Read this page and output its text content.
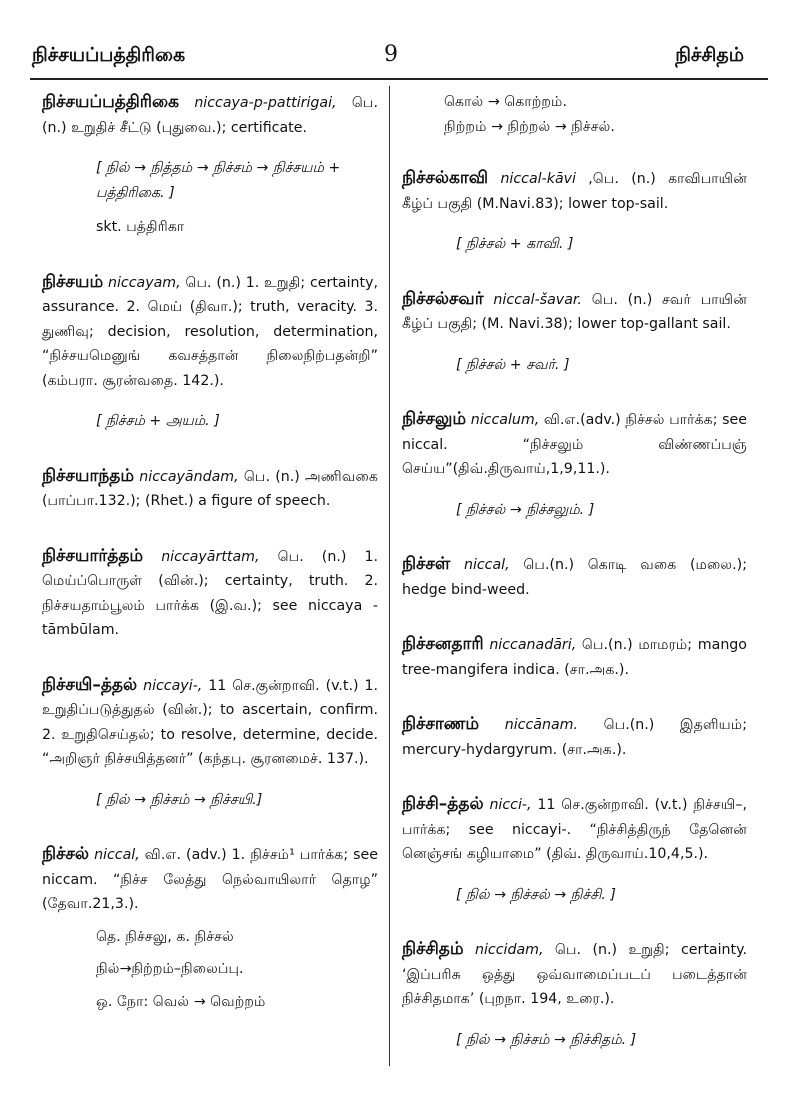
நிச்சயப்பத்திரிகை	9	நிச்சிதம்

நிச்சயப்பத்திரிகை niccaya-p-pattirigai, பெ. (n.) உறுதிச் சீட்டு (புதுவை.); certificate.

[ நில் → நித்தம் → நிச்சம் → நிச்சயம் + பத்திரிகை. ]

skt. பத்திரிகா

நிச்சயம் niccayam, பெ. (n.) 1. உறுதி; certainty, assurance. 2. மெய் (திவா.); truth, veracity. 3. துணிவு; decision, resolution, determination, “நிச்சயமெனுங் கவசத்தான் நிலைநிற்பதன்றி” (கம்பரா. சூரன்வதை. 142.).

[ நிச்சம் + அயம். ]

நிச்சயாந்தம் niccayāndam, பெ. (n.) அணிவகை (பாப்பா.132.); (Rhet.) a figure of speech.

நிச்சயார்த்தம் niccayārttam, பெ. (n.) 1. மெய்ப்பொருள் (வின்.); certainty, truth. 2. நிச்சயதாம்பூலம் பார்க்க (இ.வ.); see niccaya - tāmbūlam.

நிச்சயி–த்தல் niccayi-, 11 செ.குன்றாவி. (v.t.) 1. உறுதிப்படுத்துதல் (வின்.); to ascertain, confirm. 2. உறுதிசெய்தல்; to resolve, determine, decide. “அறிஞர் நிச்சயித்தனர்” (கந்தபு. சூரனமைச். 137.).

[ நில் → நிச்சம் → நிச்சயி.]

நிச்சல் niccal, வி.எ. (adv.) 1. நிச்சம்¹ பார்க்க; see niccam. “நிச்ச லேத்து நெல்வாயிலார் தொழ” (தேவா.21,3.).

தெ. நிச்சலு, க. நிச்சல்

நில்→நிற்றம்–நிலைப்பு.

ஒ. நோ: வெல் → வெற்றம்

கொல் → கொற்றம்.

நிற்றம் → நிற்றல் → நிச்சல்.

நிச்சல்காவி niccal-kāvi ,பெ. (n.) காவிபாயின் கீழ்ப் பகுதி (M.Navi.83); lower top-sail.

[ நிச்சல் + காவி. ]

நிச்சல்சவர் niccal-šavar. பெ. (n.) சவர் பாயின் கீழ்ப் பகுதி; (M. Navi.38); lower top-gallant sail.

[ நிச்சல் + சவர். ]

நிச்சலும் niccalum, வி.எ.(adv.) நிச்சல் பார்க்க; see niccal. “நிச்சலும் விண்ணப்பஞ் செய்ய”(திவ்.திருவாய்,1,9,11.).

[ நிச்சல் → நிச்சலும். ]

நிச்சள் niccal, பெ.(n.) கொடி வகை (மலை.); hedge bind-weed.

நிச்சனதாரி niccanadāri, பெ.(n.) மாமரம்; mango tree-mangifera indica. (சா.அக.).

நிச்சாணம் niccānam. பெ.(n.) இதளியம்; mercury-hydargyrum. (சா.அக.).

நிச்சி–த்தல் nicci-, 11 செ.குன்றாவி. (v.t.) நிச்சயி–, பார்க்க; see niccayi-. “நிச்சித்திருந் தேனென் னெஞ்சங் கழியாமை” (திவ். திருவாய்.10,4,5.).

[ நில் → நிச்சல் → நிச்சி. ]

நிச்சிதம் niccidam, பெ. (n.) உறுதி; certainty. ‘இப்பரிசு ஒத்து ஒவ்வாமைப்படப் படைத்தான் நிச்சிதமாக’ (புறநா. 194, உரை.).

[ நில் → நிச்சம் → நிச்சிதம். ]
